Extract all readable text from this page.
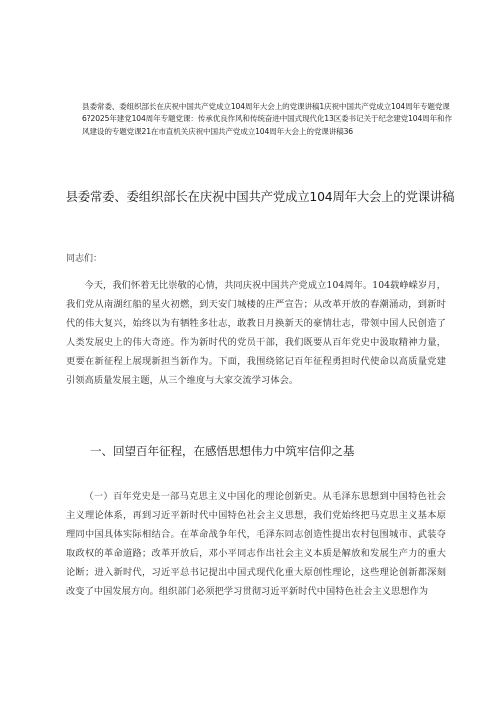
县委常委、委组织部长在庆祝中国共产党成立104周年大会上的党课讲稿1庆祝中国共产党成立104周年专题党课6?2025年建党104周年专题党课：传承优良作风和传统奋进中国式现代化13区委书记关于纪念建党104周年和作风建设的专题党课21在市直机关庆祝中国共产党成立104周年大会上的党课讲稿36
县委常委、委组织部长在庆祝中国共产党成立104周年大会上的党课讲稿
同志们：
今天，我们怀着无比崇敬的心情，共同庆祝中国共产党成立104周年。104载峥嵘岁月，我们党从南湖红船的星火初燃，到天安门城楼的庄严宣告；从改革开放的春潮涌动，到新时代的伟大复兴，始终以为有牺牲多壮志，敢教日月换新天的豪情壮志，带领中国人民创造了人类发展史上的伟大奇迹。作为新时代的党员干部，我们既要从百年党史中汲取精神力量，更要在新征程上展现新担当新作为。下面，我围绕铭记百年征程勇担时代使命以高质量党建引领高质量发展主题，从三个维度与大家交流学习体会。
一、回望百年征程，在感悟思想伟力中筑牢信仰之基
（一）百年党史是一部马克思主义中国化的理论创新史。从毛泽东思想到中国特色社会主义理论体系，再到习近平新时代中国特色社会主义思想，我们党始终把马克思主义基本原理同中国具体实际相结合。在革命战争年代，毛泽东同志创造性提出农村包围城市、武装夺取政权的革命道路；改革开放后，邓小平同志作出社会主义本质是解放和发展生产力的重大论断；进入新时代，习近平总书记提出中国式现代化重大原创性理论，这些理论创新都深刻改变了中国发展方向。组织部门必须把学习贯彻习近平新时代中国特色社会主义思想作为
